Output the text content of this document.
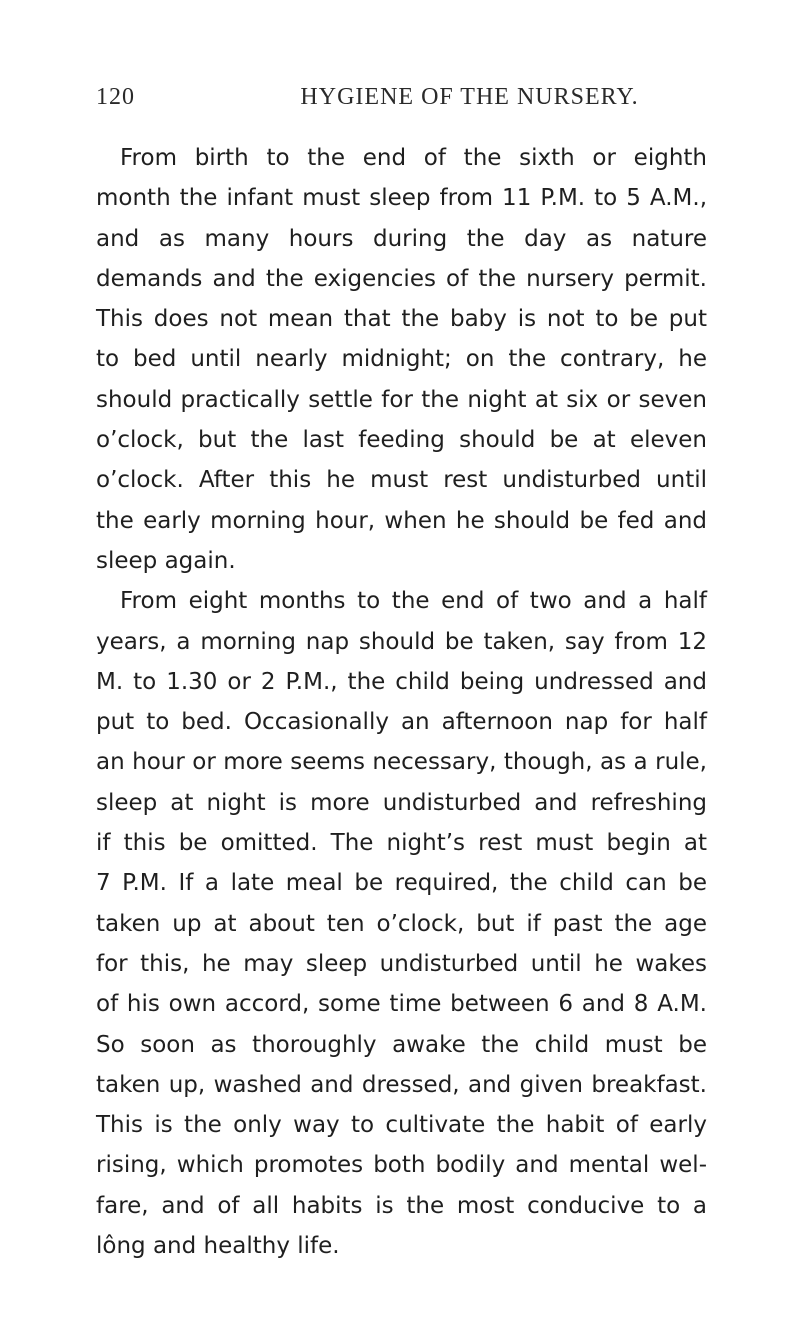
120	HYGIENE OF THE NURSERY.
From birth to the end of the sixth or eighth
month the infant must sleep from 11 P.M. to 5 A.M.,
and as many hours during the day as nature
demands and the exigencies of the nursery permit.
This does not mean that the baby is not to be put
to bed until nearly midnight; on the contrary, he
should practically settle for the night at six or seven
o’clock, but the last feeding should be at eleven
o’clock. After this he must rest undisturbed until
the early morning hour, when he should be fed and
sleep again.
From eight months to the end of two and a half
years, a morning nap should be taken, say from 12
M. to 1.30 or 2 P.M., the child being undressed and
put to bed. Occasionally an afternoon nap for half
an hour or more seems necessary, though, as a rule,
sleep at night is more undisturbed and refreshing
if this be omitted. The night’s rest must begin at
7 P.M. If a late meal be required, the child can be
taken up at about ten o’clock, but if past the age
for this, he may sleep undisturbed until he wakes
of his own accord, some time between 6 and 8 A.M.
So soon as thoroughly awake the child must be
taken up, washed and dressed, and given breakfast.
This is the only way to cultivate the habit of early
rising, which promotes both bodily and mental wel-
fare, and of all habits is the most conducive to a
lông and healthy life.
